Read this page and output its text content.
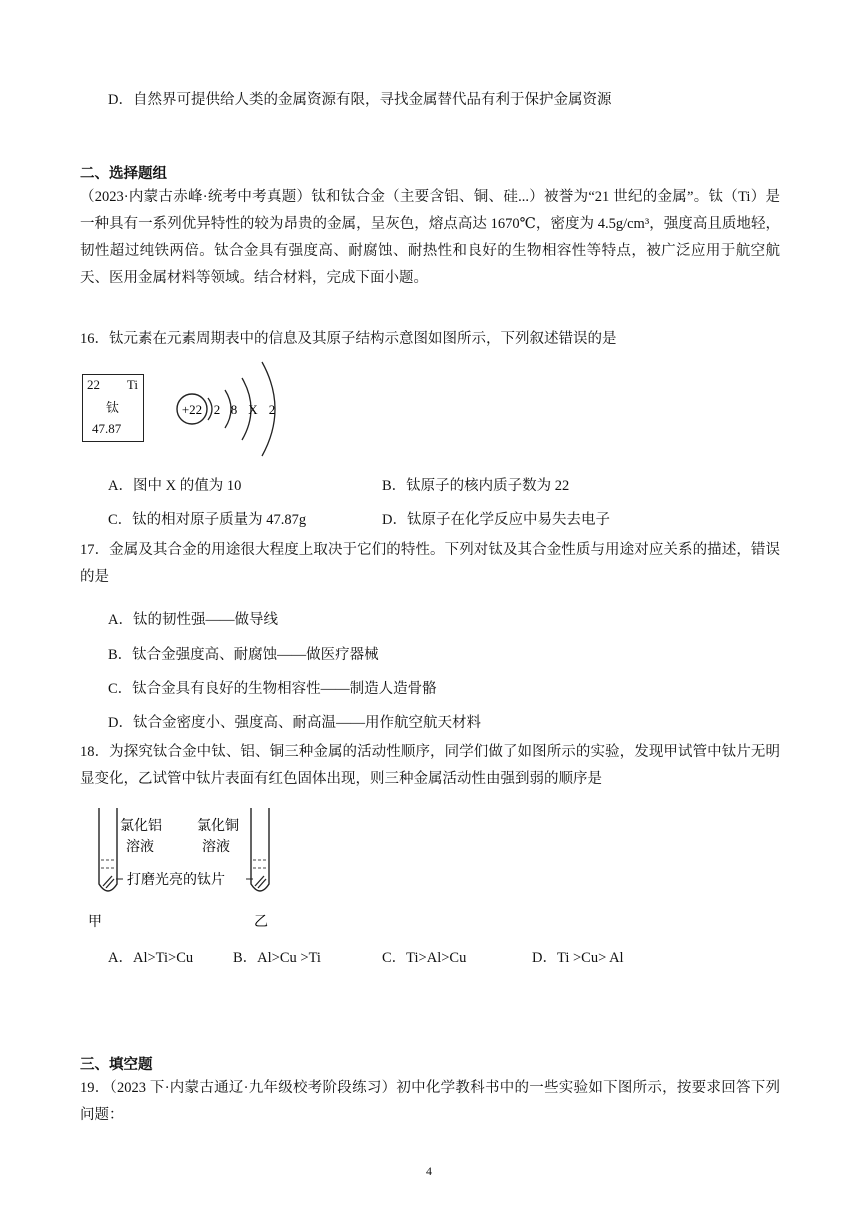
D．自然界可提供给人类的金属资源有限，寻找金属替代品有利于保护金属资源
二、选择题组
（2023·内蒙古赤峰·统考中考真题）钛和钛合金（主要含铝、铜、硅...）被誉为“21 世纪的金属”。钛（Ti）是一种具有一系列优异特性的较为昂贵的金属，呈灰色，熔点高达 1670℃，密度为 4.5g/cm³，强度高且质地轻，韧性超过纯铁两倍。钛合金具有强度高、耐腐蚀、耐热性和良好的生物相容性等特点，被广泛应用于航空航天、医用金属材料等领域。结合材料，完成下面小题。
16．钛元素在元素周期表中的信息及其原子结构示意图如图所示，下列叙述错误的是
22 Ti
钛
47.87
+22 2 8 X 2
A．图中 X 的值为 10	B．钛原子的核内质子数为 22
C．钛的相对原子质量为 47.87g	D．钛原子在化学反应中易失去电子
17．金属及其合金的用途很大程度上取决于它们的特性。下列对钛及其合金性质与用途对应关系的描述，错误的是
A．钛的韧性强——做导线
B．钛合金强度高、耐腐蚀——做医疗器械
C．钛合金具有良好的生物相容性——制造人造骨骼
D．钛合金密度小、强度高、耐高温——用作航空航天材料
18．为探究钛合金中钛、铝、铜三种金属的活动性顺序，同学们做了如图所示的实验，发现甲试管中钛片无明显变化，乙试管中钛片表面有红色固体出现，则三种金属活动性由强到弱的顺序是
氯化铝
溶液
氯化铜
溶液
打磨光亮的钛片
甲	乙
A．Al>Ti>Cu	B．Al>Cu >Ti	C．Ti>Al>Cu	D．Ti >Cu> Al
三、填空题
19．（2023 下·内蒙古通辽·九年级校考阶段练习）初中化学教科书中的一些实验如下图所示，按要求回答下列问题：
4
